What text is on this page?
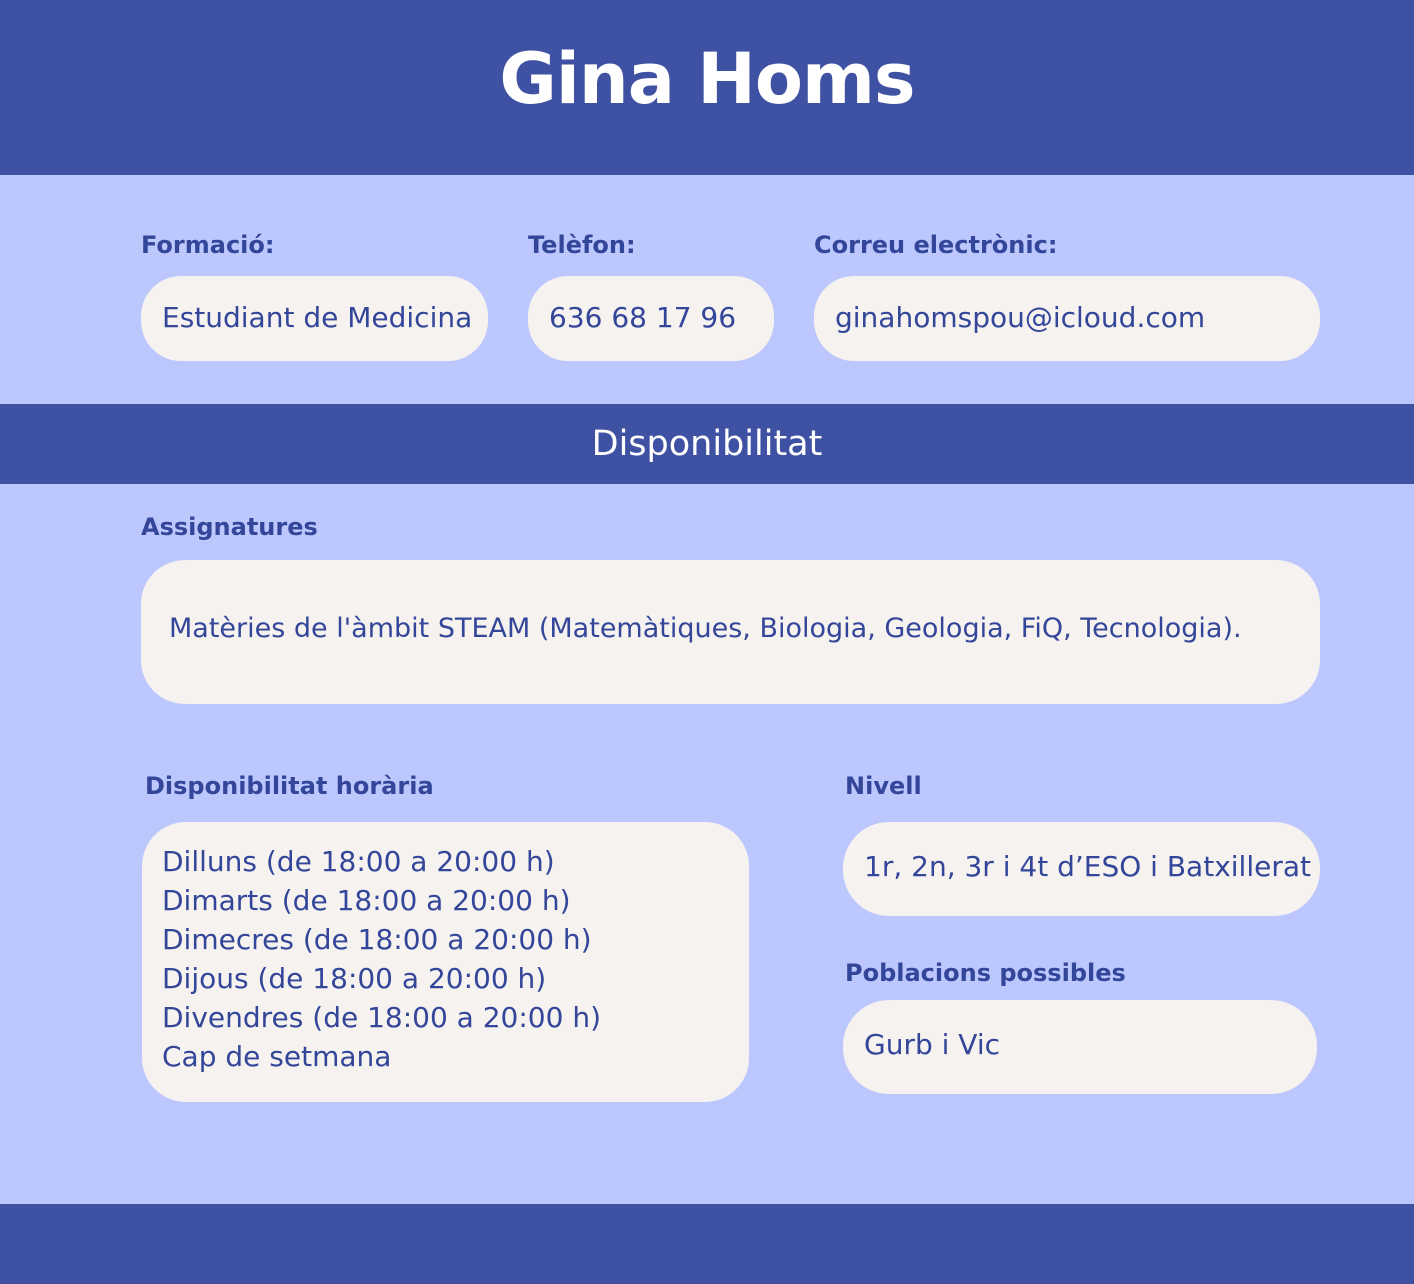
Gina Homs
Formació:
Estudiant de Medicina
Telèfon:
636 68 17 96
Correu electrònic:
ginahomspou@icloud.com
Disponibilitat
Assignatures
Matèries de l'àmbit STEAM (Matemàtiques, Biologia, Geologia, FiQ, Tecnologia).
Disponibilitat horària
Dilluns (de 18:00 a 20:00 h)
Dimarts (de 18:00 a 20:00 h)
Dimecres (de 18:00 a 20:00 h)
Dijous (de 18:00 a 20:00 h)
Divendres (de 18:00 a 20:00 h)
Cap de setmana
Nivell
1r, 2n, 3r i 4t d’ESO i Batxillerat
Poblacions possibles
Gurb i Vic
